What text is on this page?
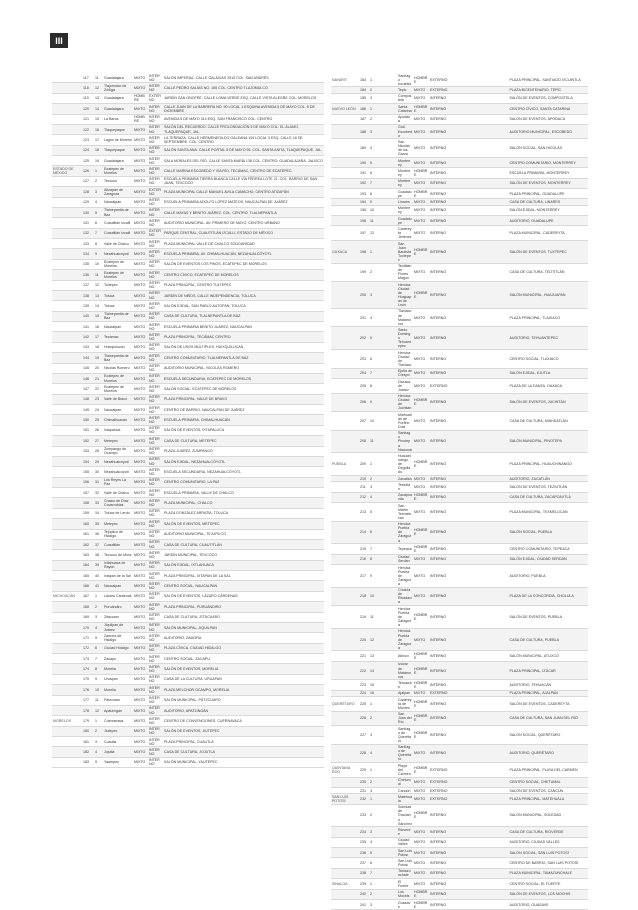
III
	117	11	Guadalajara	MIXTO	INTERNO	SALÓN IMPERIAL. CALLE GALÁXIAS 2915 COL. SAN ANDRÉS
	118	12	Tlajomulco de Zúñiga	MIXTO	INTERNO	CALLE PEDRO SALÍAS NO. 160 COL. CENTRO TLAJOMULCO
	119	13	Guadalajara	HOMBRE	EXTERNO	JARDÍN SAN ONOFRE. CALLE LOMA VERDE ESQ. CALLE VISTA ALEGRE COL. MORELOS
	120	14	Guadalajara	MIXTO	INTERNO	CALLE JUAN DE LA BARRERA NO. 90 LOCAL 1 ESQUINA AVENIDA 5 DE MAYO COL. 5 DE DICIEMBRE
	121	15	La Barca	HOMBRE	INTERNO	AVENIDA 5 DE MAYO 314 ESQ. SAN FRANCISCO COL. CENTRO
	122	16	Tlaquepaque	MIXTO	INTERNO	SALÓN DEL RECUERDO. CALLE PROLONGACIÓN 5 DE MAYO COL. EL ÁLAMO, TLAQUEPAQUE, JAL.
	123	17	Lagos de Moreno	MIXTO	INTERNO	LA TERRAZA. CALLE HERMENEGILDO GALEANA 109 LOCAL 3 ESQ. CALLE 16 DE SEPTIEMBRE. COL. CENTRO
	124	18	Tlaquepaque	MIXTO	INTERNO	SALÓN SANTA ANA. CALLE PORTAL 5 DE MAYO 55. COL. SANTA ANITA, TLAQUEPAQUE, JAL.
	125	19	Guadalajara	MIXTO	INTERNO	SALA MORALES DEL RÍO. CALLE SANTA MARÍA 138 COL. CENTRO, GUADALAJARA, JALISCO
ESTADO DE MÉXICO	126	1	Ecatepec de Morelos	MIXTO	INTERNO	CALLE MARINA ESCOBEDO Y VÍA RÍO, TECÁMAC, CENTRO DE ECATEPEC.
	127	2	Texcoco	MIXTO	INTERNO	ESCUELA PRIMARIA TIERRA BLANCA CALLE VÍA FÉRREA LOTE 21. COL. BARRIO DE SAN JUAN, TEXCOCO
	128	3	Atizapán de Zaragoza	MIXTO	EXTERNO	PLAZA MUNICIPAL CALLE MANUEL AVILA CAMACHO, CENTRO ATIZAPÁN
	129	4	Naucalpan	MIXTO	INTERNO	ESCUELA PRIMARIA ADOLFO LÓPEZ MATEOS, NAUCALPAN DE JUÁREZ
	130	5	Tlalnepantla de Baz	MIXTO	INTERNO	CALLE MAYAS Y BENITO JUÁREZ. COL. CENTRO, TLALNEPANTLA
	131	6	Cuautitlán Izcalli	MIXTO	INTERNO	AUDITORIO MUNICIPAL. AV. PRIMERO DE MAYO, CENTRO URBANO
	132	7	Cuautitlán Izcalli	MIXTO	EXTERNO	PARQUE CENTRAL, CUAUTITLÁN IZCALLI, ESTADO DE MÉXICO
	133	8	Valle de Chalco	MIXTO	INTERNO	PLAZA MUNICIPAL VALLE DE CHALCO SOLIDARIDAD
	134	9	Nezahualcóyotl	MIXTO	INTERNO	ESCUELA PRIMARIA, AV. CHIMALHUACÁN, NEZAHUALCÓYOTL
	135	10	Ecatepec de Morelos	MIXTO	INTERNO	SALÓN DE EVENTOS LOS PINOS, ECATEPEC DE MORELOS
	136	11	Ecatepec de Morelos	MIXTO	INTERNO	CENTRO CÍVICO, ECATEPEC DE MORELOS
	137	12	Tultepec	MIXTO	INTERNO	PLAZA PRINCIPAL, CENTRO TULTEPEC
	138	13	Toluca	MIXTO	INTERNO	JARDÍN DE NIÑOS, CALLE INDEPENDENCIA, TOLUCA
	139	14	Toluca	MIXTO	INTERNO	SALÓN EJIDAL, SAN PABLO AUTOPAN, TOLUCA
	140	15	Tlalnepantla de Baz	MIXTO	INTERNO	CASA DE CULTURA, TLALNEPANTLA DE BAZ
	141	16	Naucalpan	MIXTO	INTERNO	ESCUELA PRIMARIA BENITO JUÁREZ, NAUCALPAN
	142	17	Tecámac	MIXTO	INTERNO	PLAZA PRINCIPAL, TECÁMAC CENTRO
	143	18	Huixquilucan	MIXTO	INTERNO	SALÓN DE USOS MÚLTIPLES, HUIXQUILUCAN
	144	19	Tlalnepantla de Baz	MIXTO	INTERNO	CENTRO COMUNITARIO, TLALNEPANTLA DE BAZ
	145	20	Nicolás Romero	MIXTO	INTERNO	AUDITORIO MUNICIPAL, NICOLÁS ROMERO
	146	21	Ecatepec de Morelos	MIXTO	INTERNO	ESCUELA SECUNDARIA, ECATEPEC DE MORELOS
	147	22	Ecatepec de Morelos	MIXTO	INTERNO	SALÓN SOCIAL, ECATEPEC DE MORELOS
	148	23	Valle de Bravo	MIXTO	INTERNO	PLAZA PRINCIPAL, VALLE DE BRAVO
	149	24	Naucalpan	MIXTO	INTERNO	CENTRO DE BARRIO, NAUCALPAN DE JUÁREZ
	150	25	Chimalhuacán	MIXTO	INTERNO	ESCUELA PRIMARIA, CHIMALHUACÁN
	151	26	Ixtapaluca	MIXTO	INTERNO	SALÓN DE EVENTOS, IXTAPALUCA
	152	27	Metepec	MIXTO	INTERNO	CASA DE CULTURA, METEPEC
	153	28	Zumpango de Ocampo	MIXTO	INTERNO	PLAZA JUÁREZ, ZUMPANGO
	154	29	Nezahualcóyotl	MIXTO	INTERNO	SALÓN EJIDAL, NEZAHUALCÓYOTL
	155	30	Nezahualcóyotl	MIXTO	INTERNO	ESCUELA SECUNDARIA, NEZAHUALCÓYOTL
	156	31	Los Reyes La Paz	MIXTO	INTERNO	CENTRO COMUNITARIO, LA PAZ
	157	32	Valle de Chalco	MIXTO	INTERNO	ESCUELA PRIMARIA, VALLE DE CHALCO
	158	33	Chalco de Díaz Covarrubias	MIXTO	INTERNO	PLAZA MUNICIPAL, CHALCO
	159	34	Toluca de Lerdo	MIXTO	INTERNO	PLAZA GONZÁLEZ ARRATIA, TOLUCA
	160	35	Metepec	MIXTO	INTERNO	SALÓN DE EVENTOS, METEPEC
	161	36	Tejupilco de Hidalgo	MIXTO	INTERNO	AUDITORIO MUNICIPAL, TEJUPILCO
	162	37	Cuautitlán	MIXTO	INTERNO	CASA DE CULTURA, CUAUTITLÁN
	163	38	Texcoco de Mora	MIXTO	INTERNO	JARDÍN MUNICIPAL, TEXCOCO
	164	39	Ixtlahuaca de Rayón	MIXTO	INTERNO	SALÓN EJIDAL, IXTLAHUACA
	165	40	Ixtapan de la Sal	MIXTO	INTERNO	PLAZA PRINCIPAL, IXTAPAN DE LA SAL
	166	41	Naucalpan	MIXTO	INTERNO	CENTRO SOCIAL, NAUCALPAN
MICHOACÁN	167	1	Lázaro Cárdenas	MIXTO	INTERNO	SALÓN DE EVENTOS, LÁZARO CÁRDENAS
	168	2	Puruándiro	MIXTO	INTERNO	PLAZA PRINCIPAL, PURUÁNDIRO
	169	3	Zitácuaro	MIXTO	INTERNO	CASA DE CULTURA, ZITÁCUARO
	170	4	Jiquilpan de Juárez	MIXTO	INTERNO	SALÓN MUNICIPAL, JIQUILPAN
	171	5	Zamora de Hidalgo	MIXTO	INTERNO	AUDITORIO, ZAMORA
	172	6	Ciudad Hidalgo	MIXTO	INTERNO	PLAZA CÍVICA, CIUDAD HIDALGO
	173	7	Zacapu	MIXTO	INTERNO	CENTRO SOCIAL, ZACAPU
	174	8	Morelia	MIXTO	INTERNO	SALÓN DE EVENTOS, MORELIA
	175	9	Uruapan	MIXTO	INTERNO	CASA DE LA CULTURA, URUAPAN
	176	10	Morelia	MIXTO	INTERNO	PLAZA MELCHOR OCAMPO, MORELIA
	177	11	Pátzcuaro	MIXTO	INTERNO	SALÓN MUNICIPAL, PÁTZCUARO
	178	12	Apatzingán	MIXTO	INTERNO	AUDITORIO, APATZINGÁN
MORELOS	179	1	Cuernavaca	MIXTO	INTERNO	CENTRO DE CONVENCIONES, CUERNAVACA
	180	2	Jiutepec	MIXTO	INTERNO	SALÓN DE EVENTOS, JIUTEPEC
	181	3	Cuautla	MIXTO	INTERNO	PLAZA PRINCIPAL, CUAUTLA
	182	4	Jojutla	MIXTO	INTERNO	CASA DE CULTURA, JOJUTLA
	183	5	Yautepec	MIXTO	INTERNO	SALÓN MUNICIPAL, YAUTEPEC
NAYARIT	183	1	Santiago Ixcuintla	HOMBRE	EXTERNO	PLAZA PRINCIPAL, SANTIAGO IXCUINTLA
	184	2	Tepic	MIXTO	EXTERNO	PLAZA BICENTENARIO, TEPIC
	185	3	Compostela	MIXTO	INTERNO	SALÓN DE EVENTOS, COMPOSTELA
NUEVO LEÓN	186	1	Santa Catarina	HOMBRE	INTERNO	CENTRO CÍVICO, SANTA CATARINA
	187	2	Apodaca	MIXTO	INTERNO	SALÓN DE EVENTOS, APODACA
	188	3	Gral. Escobedo	MIXTO	INTERNO	AUDITORIO MUNICIPAL, ESCOBEDO
	189	4	San Nicolás de los Garza	MIXTO	INTERNO	SALÓN SOCIAL, SAN NICOLÁS
	190	5	Monterrey	MIXTO	INTERNO	CENTRO COMUNITARIO, MONTERREY
	191	6	Monterrey	HOMBRE	INTERNO	ESCUELA PRIMARIA, MONTERREY
	192	7	Monterrey	MIXTO	INTERNO	SALÓN DE EVENTOS, MONTERREY
	193	8	Guadalupe	HOMBRE	INTERNO	PLAZA PRINCIPAL, GUADALUPE
	194	9	Linares	MIXTO	INTERNO	CASA DE CULTURA, LINARES
	195	10	Monterrey	MIXTO	INTERNO	SALÓN EJIDAL, MONTERREY
	196	11	Guadalupe	MIXTO	INTERNO	AUDITORIO, GUADALUPE
	197	12	Cadereyta Jiménez	MIXTO	INTERNO	PLAZA MUNICIPAL, CADEREYTA
OAXACA	198	1	San Juan Bautista Tuxtepec	HOMBRE	INTERNO	SALÓN DE EVENTOS, TUXTEPEC
	199	2	Teotitlán de Flores Magón	MIXTO	INTERNO	CASA DE CULTURA, TEOTITLÁN
	200	3	Heroica Ciudad de Huajuapan de León	HOMBRE	INTERNO	SALÓN MUNICIPAL, HUAJUAPAN
	201	4	Tlaxiaco de Matamoros	MIXTO	INTERNO	PLAZA PRINCIPAL, TLAXIACO
	202	5	Santo Domingo Tehuantepec	MIXTO	INTERNO	AUDITORIO, TEHUANTEPEC
	203	6	Heroica Ciudad de Tlaxiaco	MIXTO	INTERNO	CENTRO SOCIAL, TLAXIACO
	204	7	Ejutla de Crespo	MIXTO	INTERNO	SALÓN EJIDAL, EJUTLA
	205	8	Oaxaca de Juárez	MIXTO	EXTERNO	PLAZA DE LA DANZA, OAXACA
	206	9	Heroica Ciudad de Juchitán	HOMBRE	INTERNO	SALÓN DE EVENTOS, JUCHITÁN
	207	10	Miahuatlán de Porfirio Díaz	MIXTO	INTERNO	CASA DE CULTURA, MIAHUATLÁN
	208	11	Santiago Pinotepa Nacional	MIXTO	INTERNO	SALÓN MUNICIPAL, PINOTEPA
PUEBLA	209	1	Huauchinango de Degollado	HOMBRE	INTERNO	PLAZA PRINCIPAL, HUAUCHINANGO
	210	2	Zacatlán	MIXTO	INTERNO	AUDITORIO, ZACATLÁN
	211	3	Teziutlán	MIXTO	INTERNO	SALÓN DE EVENTOS, TEZIUTLÁN
	212	4	Zacapoaxtla	HOMBRE	INTERNO	CASA DE CULTURA, ZACAPOAXTLA
	213	5	San Martín Texmelucan	MIXTO	INTERNO	PLAZA MUNICIPAL, TEXMELUCAN
	214	6	Heroica Puebla de Zaragoza	HOMBRE	INTERNO	SALÓN SOCIAL, PUEBLA
	215	7	Tepeaca	HOMBRE	INTERNO	CENTRO COMUNITARIO, TEPEACA
	216	8	Ciudad Serdán	MIXTO	INTERNO	SALÓN EJIDAL, CIUDAD SERDÁN
	217	9	Heroica Puebla de Zaragoza	MIXTO	INTERNO	AUDITORIO, PUEBLA
	218	10	Cholula de Rivadavia	MIXTO	INTERNO	PLAZA DE LA CONCORDIA, CHOLULA
	219	11	Heroica Puebla de Zaragoza	HOMBRE	INTERNO	SALÓN DE EVENTOS, PUEBLA
	220	12	Heroica Puebla de Zaragoza	MIXTO	INTERNO	CASA DE CULTURA, PUEBLA
	221	13	Atlixco	HOMBRE	INTERNO	SALÓN MUNICIPAL, ATLIXCO
	222	14	Izúcar de Matamoros	HOMBRE	INTERNO	PLAZA PRINCIPAL, IZÚCAR
	223	15	Tehuacán	HOMBRE	INTERNO	AUDITORIO, TEHUACÁN
	224	16	Ajalpan	MIXTO	EXTERNO	PLAZA PRINCIPAL, AJALPAN
QUERÉTARO	225	1	Cadereyta de Montes	HOMBRE	INTERNO	SALÓN DE EVENTOS, CADEREYTA
	226	2	San Juan del Río	HOMBRE	INTERNO	CASA DE CULTURA, SAN JUAN DEL RÍO
	227	3	Santiago de Querétaro	HOMBRE	INTERNO	SALÓN SOCIAL, QUERÉTARO
	228	4	Santiago de Querétaro	MIXTO	INTERNO	AUDITORIO, QUERÉTARO
QUINTANA ROO	229	1	Playa del Carmen	HOMBRE	EXTERNO	PLAZA PRINCIPAL, PLAYA DEL CARMEN
	230	2	Chetumal	MIXTO	EXTERNO	CENTRO SOCIAL, CHETUMAL
	231	3	Cancún	MIXTO	EXTERNO	SALÓN DE EVENTOS, CANCÚN
SAN LUIS POTOSÍ	232	1	Matehuala	MIXTO	EXTERNO	PLAZA PRINCIPAL, MATEHUALA
	233	2	Soledad de Graciano Sánchez	HOMBRE	INTERNO	SALÓN MUNICIPAL, SOLEDAD
	234	3	Rioverde	MIXTO	INTERNO	CASA DE CULTURA, RIOVERDE
	235	4	Ciudad Valles	MIXTO	INTERNO	AUDITORIO, CIUDAD VALLES
	236	5	San Luis Potosí	MIXTO	INTERNO	SALÓN SOCIAL, SAN LUIS POTOSÍ
	237	6	San Luis Potosí	MIXTO	INTERNO	CENTRO DE BARRIO, SAN LUIS POTOSÍ
	238	7	Tamazunchale	MIXTO	INTERNO	PLAZA MUNICIPAL, TAMAZUNCHALE
SINALOA	239	1	El Fuerte	MIXTO	INTERNO	CENTRO SOCIAL, EL FUERTE
	240	2	Los Mochis	HOMBRE	INTERNO	SALÓN DE EVENTOS, LOS MOCHIS
	241	3	Guasave	HOMBRE	INTERNO	AUDITORIO, GUASAVE
